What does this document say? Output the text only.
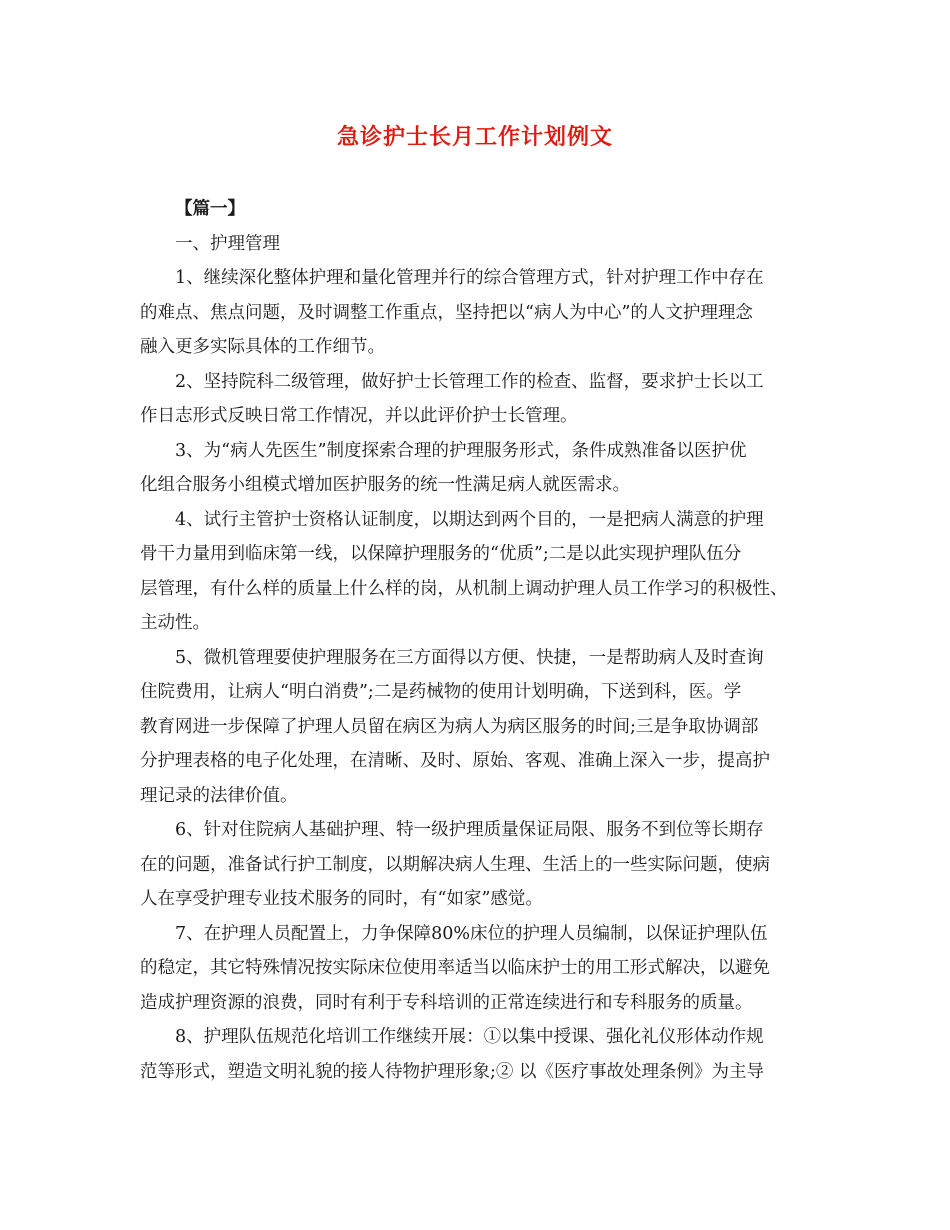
急诊护士长月工作计划例文
【篇一】
一、护理管理
1、继续深化整体护理和量化管理并行的综合管理方式，针对护理工作中存在
的难点、焦点问题，及时调整工作重点，坚持把以“病人为中心”的人文护理理念
融入更多实际具体的工作细节。
2、坚持院科二级管理，做好护士长管理工作的检查、监督，要求护士长以工
作日志形式反映日常工作情况，并以此评价护士长管理。
3、为“病人先医生”制度探索合理的护理服务形式，条件成熟准备以医护优
化组合服务小组模式增加医护服务的统一性满足病人就医需求。
4、试行主管护士资格认证制度，以期达到两个目的，一是把病人满意的护理
骨干力量用到临床第一线，以保障护理服务的“优质”;二是以此实现护理队伍分
层管理，有什么样的质量上什么样的岗，从机制上调动护理人员工作学习的积极性、
主动性。
5、微机管理要使护理服务在三方面得以方便、快捷，一是帮助病人及时查询
住院费用，让病人“明白消费”;二是药械物的使用计划明确，下送到科，医。学
教育网进一步保障了护理人员留在病区为病人为病区服务的时间;三是争取协调部
分护理表格的电子化处理，在清晰、及时、原始、客观、准确上深入一步，提高护
理记录的法律价值。
6、针对住院病人基础护理、特一级护理质量保证局限、服务不到位等长期存
在的问题，准备试行护工制度，以期解决病人生理、生活上的一些实际问题，使病
人在享受护理专业技术服务的同时，有“如家”感觉。
7、在护理人员配置上，力争保障80%床位的护理人员编制，以保证护理队伍
的稳定，其它特殊情况按实际床位使用率适当以临床护士的用工形式解决，以避免
造成护理资源的浪费，同时有利于专科培训的正常连续进行和专科服务的质量。
8、护理队伍规范化培训工作继续开展：①以集中授课、强化礼仪形体动作规
范等形式，塑造文明礼貌的接人待物护理形象;② 以《医疗事故处理条例》为主导
